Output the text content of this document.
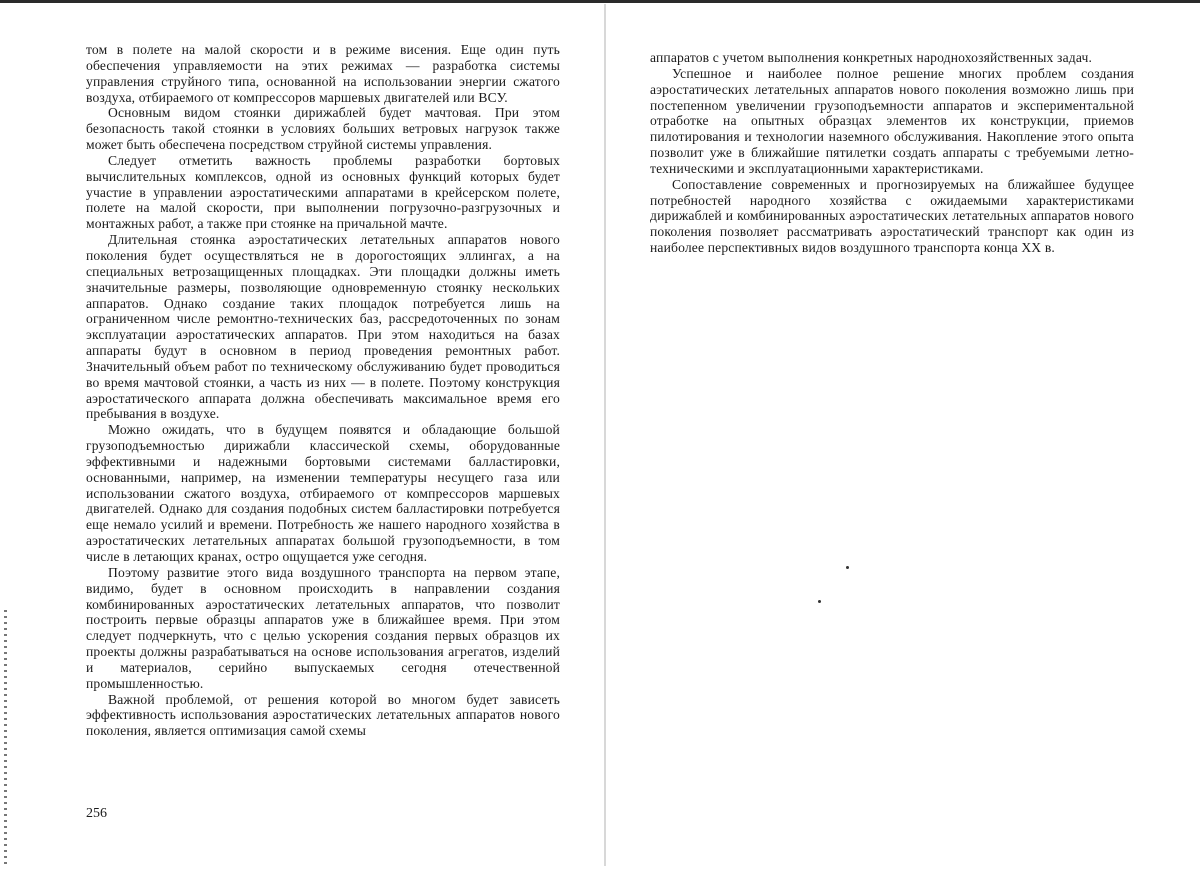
том в полете на малой скорости и в режиме висения. Еще один путь обеспечения управляемости на этих режимах — разработка системы управления струйного типа, основанной на использовании энергии сжатого воздуха, отбираемого от компрессоров маршевых двигателей или ВСУ.

Основным видом стоянки дирижаблей будет мачтовая. При этом безопасность такой стоянки в условиях больших ветровых нагрузок также может быть обеспечена посредством струйной системы управления.

Следует отметить важность проблемы разработки бортовых вычислительных комплексов, одной из основных функций которых будет участие в управлении аэростатическими аппаратами в крейсерском полете, полете на малой скорости, при выполнении погрузочно-разгрузочных и монтажных работ, а также при стоянке на причальной мачте.

Длительная стоянка аэростатических летательных аппаратов нового поколения будет осуществляться не в дорогостоящих эллингах, а на специальных ветрозащищенных площадках. Эти площадки должны иметь значительные размеры, позволяющие одновременную стоянку нескольких аппаратов. Однако создание таких площадок потребуется лишь на ограниченном числе ремонтно-технических баз, рассредоточенных по зонам эксплуатации аэростатических аппаратов. При этом находиться на базах аппараты будут в основном в период проведения ремонтных работ. Значительный объем работ по техническому обслуживанию будет проводиться во время мачтовой стоянки, а часть из них — в полете. Поэтому конструкция аэростатического аппарата должна обеспечивать максимальное время его пребывания в воздухе.

Можно ожидать, что в будущем появятся и обладающие большой грузоподъемностью дирижабли классической схемы, оборудованные эффективными и надежными бортовыми системами балластировки, основанными, например, на изменении температуры несущего газа или использовании сжатого воздуха, отбираемого от компрессоров маршевых двигателей. Однако для создания подобных систем балластировки потребуется еще немало усилий и времени. Потребность же нашего народного хозяйства в аэростатических летательных аппаратах большой грузоподъемности, в том числе в летающих кранах, остро ощущается уже сегодня.

Поэтому развитие этого вида воздушного транспорта на первом этапе, видимо, будет в основном происходить в направлении создания комбинированных аэростатических летательных аппаратов, что позволит построить первые образцы аппаратов уже в ближайшее время. При этом следует подчеркнуть, что с целью ускорения создания первых образцов их проекты должны разрабатываться на основе использования агрегатов, изделий и материалов, серийно выпускаемых сегодня отечественной промышленностью.

Важной проблемой, от решения которой во многом будет зависеть эффективность использования аэростатических летательных аппаратов нового поколения, является оптимизация самой схемы

256

аппаратов с учетом выполнения конкретных народнохозяйственных задач.

Успешное и наиболее полное решение многих проблем создания аэростатических летательных аппаратов нового поколения возможно лишь при постепенном увеличении грузоподъемности аппаратов и экспериментальной отработке на опытных образцах элементов их конструкции, приемов пилотирования и технологии наземного обслуживания. Накопление этого опыта позволит уже в ближайшие пятилетки создать аппараты с требуемыми летно-техническими и эксплуатационными характеристиками.

Сопоставление современных и прогнозируемых на ближайшее будущее потребностей народного хозяйства с ожидаемыми характеристиками дирижаблей и комбинированных аэростатических летательных аппаратов нового поколения позволяет рассматривать аэростатический транспорт как один из наиболее перспективных видов воздушного транспорта конца XX в.
